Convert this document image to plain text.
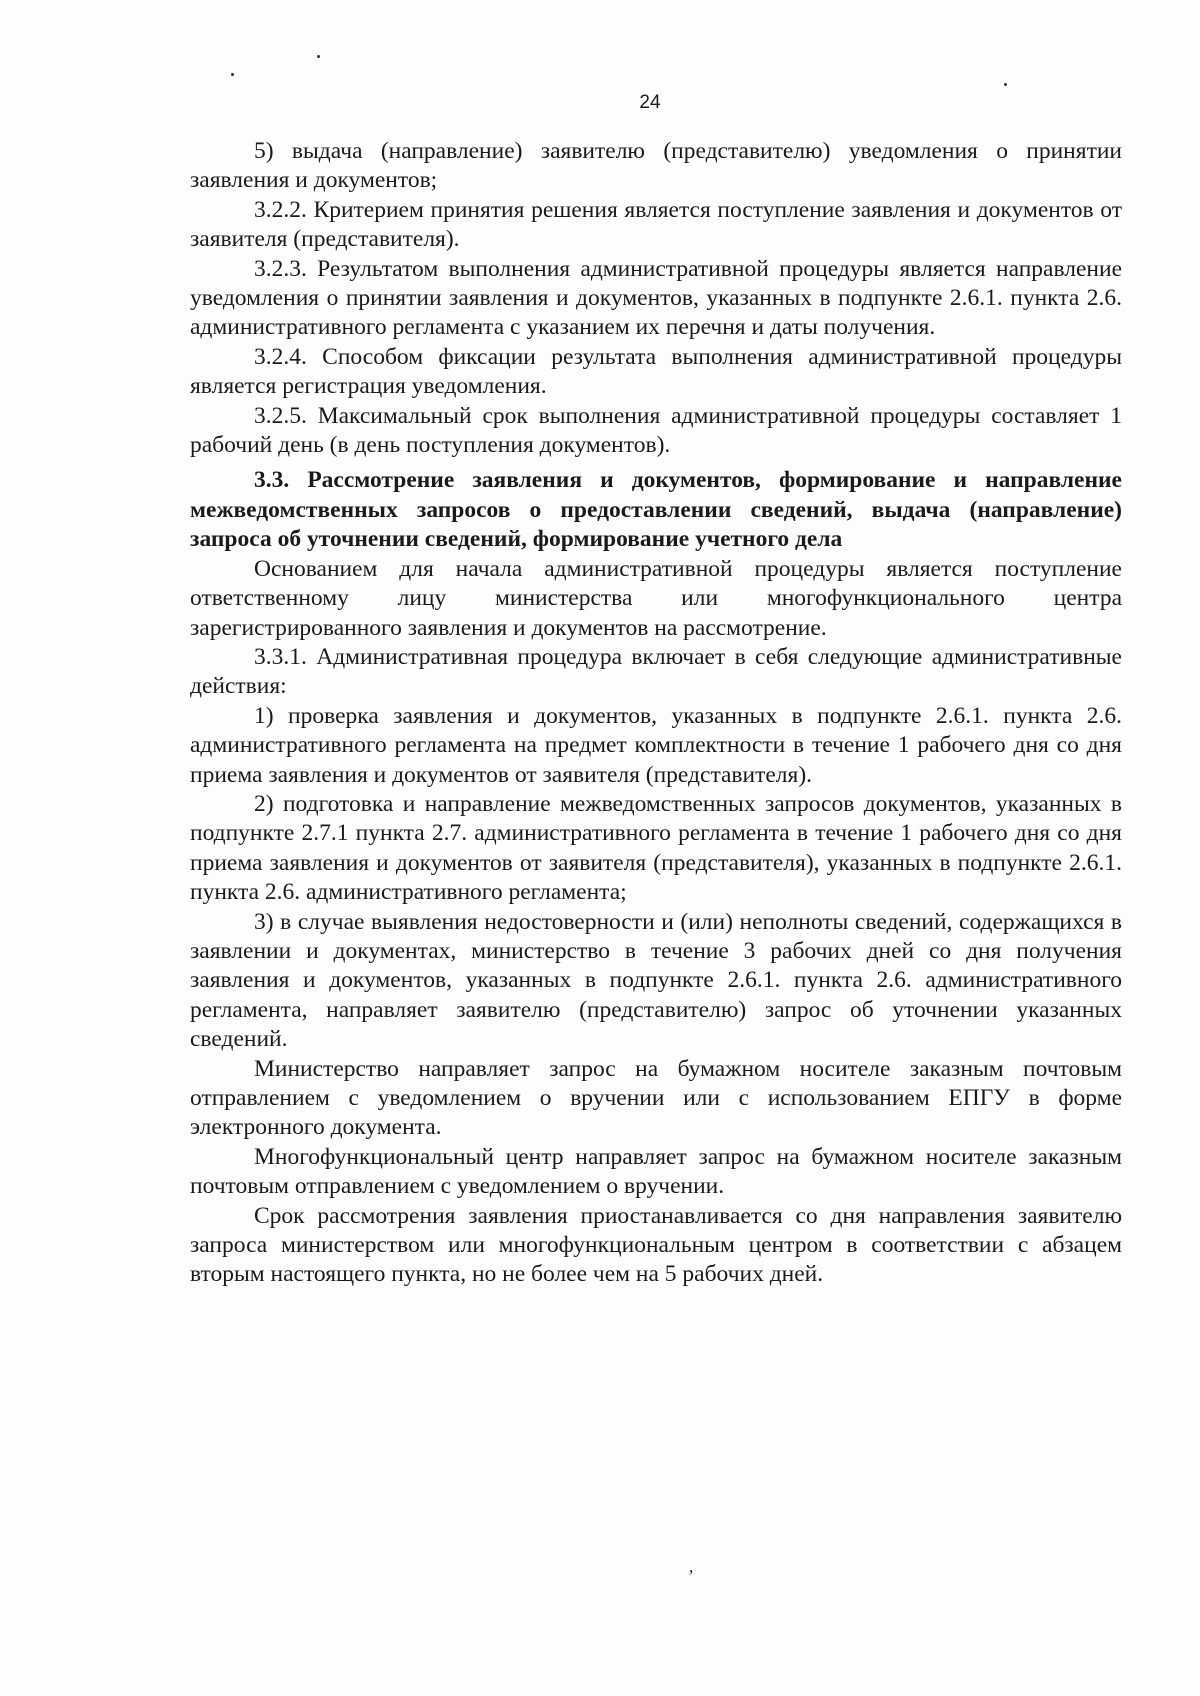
24

5) выдача (направление) заявителю (представителю) уведомления о принятии заявления и документов;

3.2.2. Критерием принятия решения является поступление заявления и документов от заявителя (представителя).

3.2.3. Результатом выполнения административной процедуры является направление уведомления о принятии заявления и документов, указанных в подпункте 2.6.1. пункта 2.6. административного регламента с указанием их перечня и даты получения.

3.2.4. Способом фиксации результата выполнения административной процедуры является регистрация уведомления.

3.2.5. Максимальный срок выполнения административной процедуры составляет 1 рабочий день (в день поступления документов).

3.3. Рассмотрение заявления и документов, формирование и направление межведомственных запросов о предоставлении сведений, выдача (направление) запроса об уточнении сведений, формирование учетного дела

Основанием для начала административной процедуры является поступление ответственному лицу министерства или многофункционального центра зарегистрированного заявления и документов на рассмотрение.

3.3.1. Административная процедура включает в себя следующие административные действия:

1) проверка заявления и документов, указанных в подпункте 2.6.1. пункта 2.6. административного регламента на предмет комплектности в течение 1 рабочего дня со дня приема заявления и документов от заявителя (представителя).

2) подготовка и направление межведомственных запросов документов, указанных в подпункте 2.7.1 пункта 2.7. административного регламента в течение 1 рабочего дня со дня приема заявления и документов от заявителя (представителя), указанных в подпункте 2.6.1. пункта 2.6. административного регламента;

3) в случае выявления недостоверности и (или) неполноты сведений, содержащихся в заявлении и документах, министерство в течение 3 рабочих дней со дня получения заявления и документов, указанных в подпункте 2.6.1. пункта 2.6. административного регламента, направляет заявителю (представителю) запрос об уточнении указанных сведений.

Министерство направляет запрос на бумажном носителе заказным почтовым отправлением с уведомлением о вручении или с использованием ЕПГУ в форме электронного документа.

Многофункциональный центр направляет запрос на бумажном носителе заказным почтовым отправлением с уведомлением о вручении.

Срок рассмотрения заявления приостанавливается со дня направления заявителю запроса министерством или многофункциональным центром в соответствии с абзацем вторым настоящего пункта, но не более чем на 5 рабочих дней.

’
